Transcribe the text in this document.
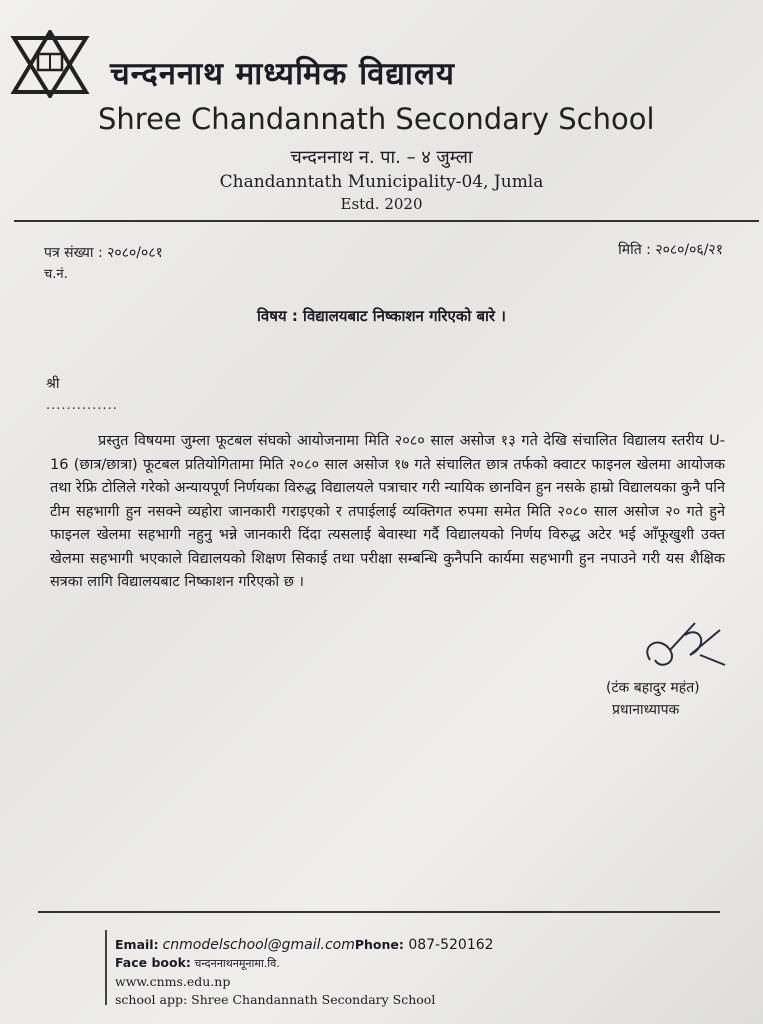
चन्दननाथ माध्यमिक विद्यालय
Shree Chandannath Secondary School
चन्दननाथ न. पा. – ४ जुम्ला
Chandanntath Municipality-04, Jumla
Estd. 2020
पत्र संख्या : २०८०/०८१
च.नं.
मिति : २०८०/०६/२१
विषय : विद्यालयबाट निष्काशन गरिएको बारे ।
श्री
..............

प्रस्तुत विषयमा जुम्ला फूटबल संघको आयोजनामा मिति २०८० साल असोज १३ गते देखि संचालित विद्यालय स्तरीय U-16 (छात्र/छात्रा) फूटबल प्रतियोगितामा मिति २०८० साल असोज १७ गते संचालित छात्र तर्फको क्वाटर फाइनल खेलमा आयोजक तथा रेफ्रि टोलिले गरेको अन्यायपूर्ण निर्णयका विरुद्ध विद्यालयले पत्राचार गरी न्यायिक छानविन हुन नसके हाम्रो विद्यालयका कुनै पनि टीम सहभागी हुन नसक्ने व्यहोरा जानकारी गराइएको र तपाईलाई व्यक्तिगत रुपमा समेत मिति २०८० साल असोज २० गते हुने फाइनल खेलमा सहभागी नहुनु भन्ने जानकारी दिंदा त्यसलाई बेवास्था गर्दै विद्यालयको निर्णय विरुद्ध अटेर भई आँफूखुशी उक्त खेलमा सहभागी भएकाले विद्यालयको शिक्षण सिकाई तथा परीक्षा सम्बन्धि कुनैपनि कार्यमा सहभागी हुन नपाउने गरी यस शैक्षिक सत्रका लागि विद्यालयबाट निष्काशन गरिएको छ ।

(टंक बहादुर महंत)
प्रधानाध्यापक
Email: cnmodelschool@gmail.comPhone: 087-520162
Face book: चन्दननाथनमूनामा.वि.
www.cnms.edu.np
school app: Shree Chandannath Secondary School
